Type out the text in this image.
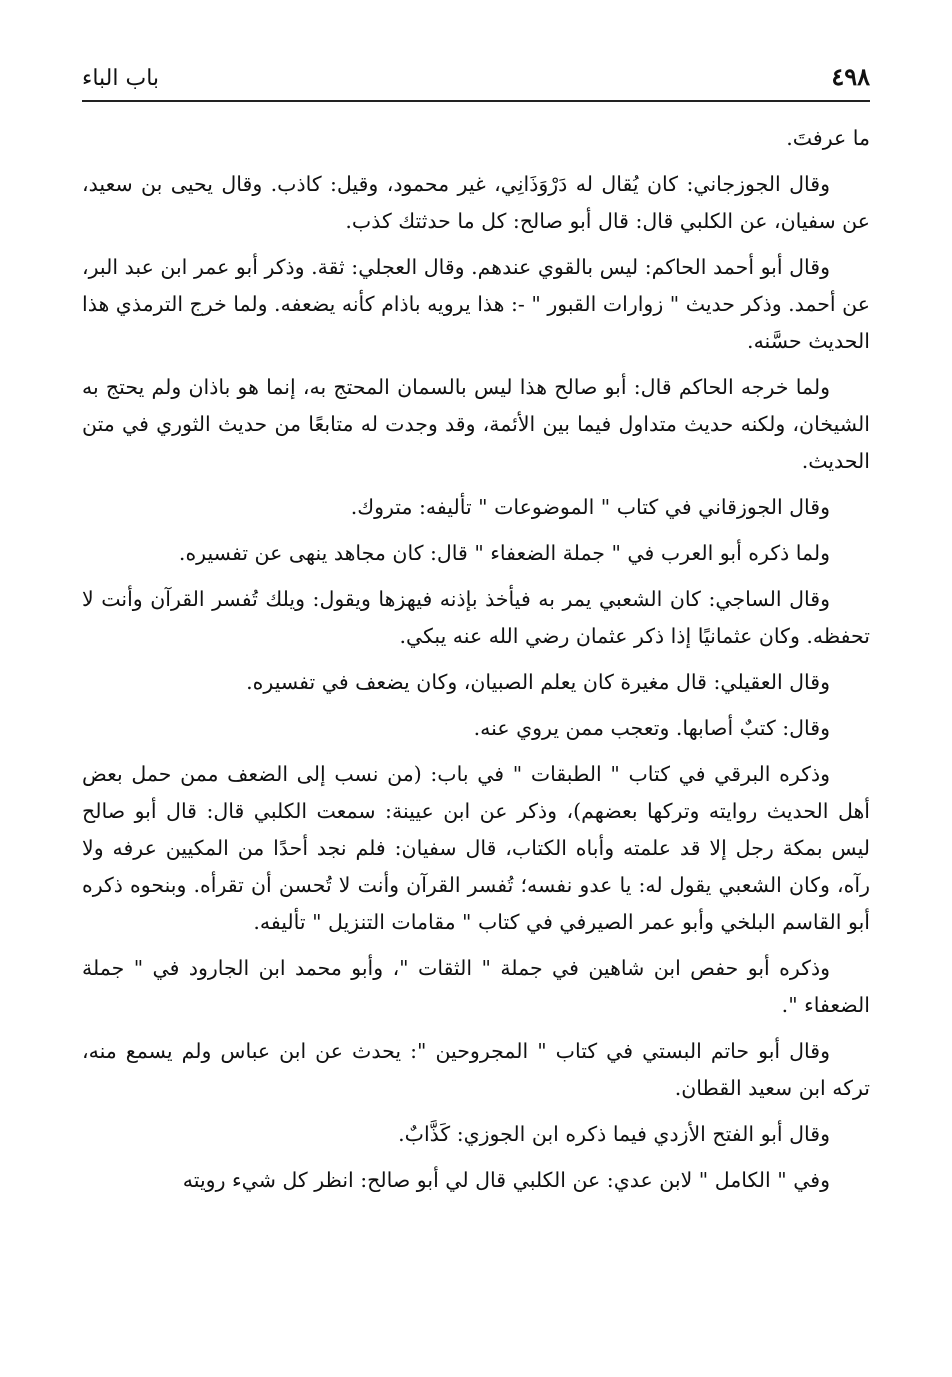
٤٩٨
باب الباء

ما عرفتَ.

وقال الجوزجاني: كان يُقال له دَرْوَذَانِي، غير محمود، وقيل: كاذب. وقال يحيى بن سعيد، عن سفيان، عن الكلبي قال: قال أبو صالح: كل ما حدثتك كذب.

وقال أبو أحمد الحاكم: ليس بالقوي عندهم. وقال العجلي: ثقة. وذكر أبو عمر ابن عبد البر، عن أحمد. وذكر حديث " زوارات القبور " -: هذا يرويه باذام كأنه يضعفه. ولما خرج الترمذي هذا الحديث حسَّنه.

ولما خرجه الحاكم قال: أبو صالح هذا ليس بالسمان المحتج به، إنما هو باذان ولم يحتج به الشيخان، ولكنه حديث متداول فيما بين الأئمة، وقد وجدت له متابعًا من حديث الثوري في متن الحديث.

وقال الجوزقاني في كتاب " الموضوعات " تأليفه: متروك.

ولما ذكره أبو العرب في " جملة الضعفاء " قال: كان مجاهد ينهى عن تفسيره.

وقال الساجي: كان الشعبي يمر به فيأخذ بإذنه فيهزها ويقول: ويلك تُفسر القرآن وأنت لا تحفظه. وكان عثمانيًا إذا ذكر عثمان رضي الله عنه يبكي.

وقال العقيلي: قال مغيرة كان يعلم الصبيان، وكان يضعف في تفسيره.

وقال: كتبٌ أصابها. وتعجب ممن يروي عنه.

وذكره البرقي في كتاب " الطبقات " في باب: (من نسب إلى الضعف ممن حمل بعض أهل الحديث روايته وتركها بعضهم)، وذكر عن ابن عيينة: سمعت الكلبي قال: قال أبو صالح ليس بمكة رجل إلا قد علمته وأباه الكتاب، قال سفيان: فلم نجد أحدًا من المكيين عرفه ولا رآه، وكان الشعبي يقول له: يا عدو نفسه؛ تُفسر القرآن وأنت لا تُحسن أن تقرأه. وبنحوه ذكره أبو القاسم البلخي وأبو عمر الصيرفي في كتاب " مقامات التنزيل " تأليفه.

وذكره أبو حفص ابن شاهين في جملة " الثقات "، وأبو محمد ابن الجارود في " جملة الضعفاء ".

وقال أبو حاتم البستي في كتاب " المجروحين ": يحدث عن ابن عباس ولم يسمع منه، تركه ابن سعيد القطان.

وقال أبو الفتح الأزدي فيما ذكره ابن الجوزي: كَذَّابٌ.

وفي " الكامل " لابن عدي: عن الكلبي قال لي أبو صالح: انظر كل شيء رويته
